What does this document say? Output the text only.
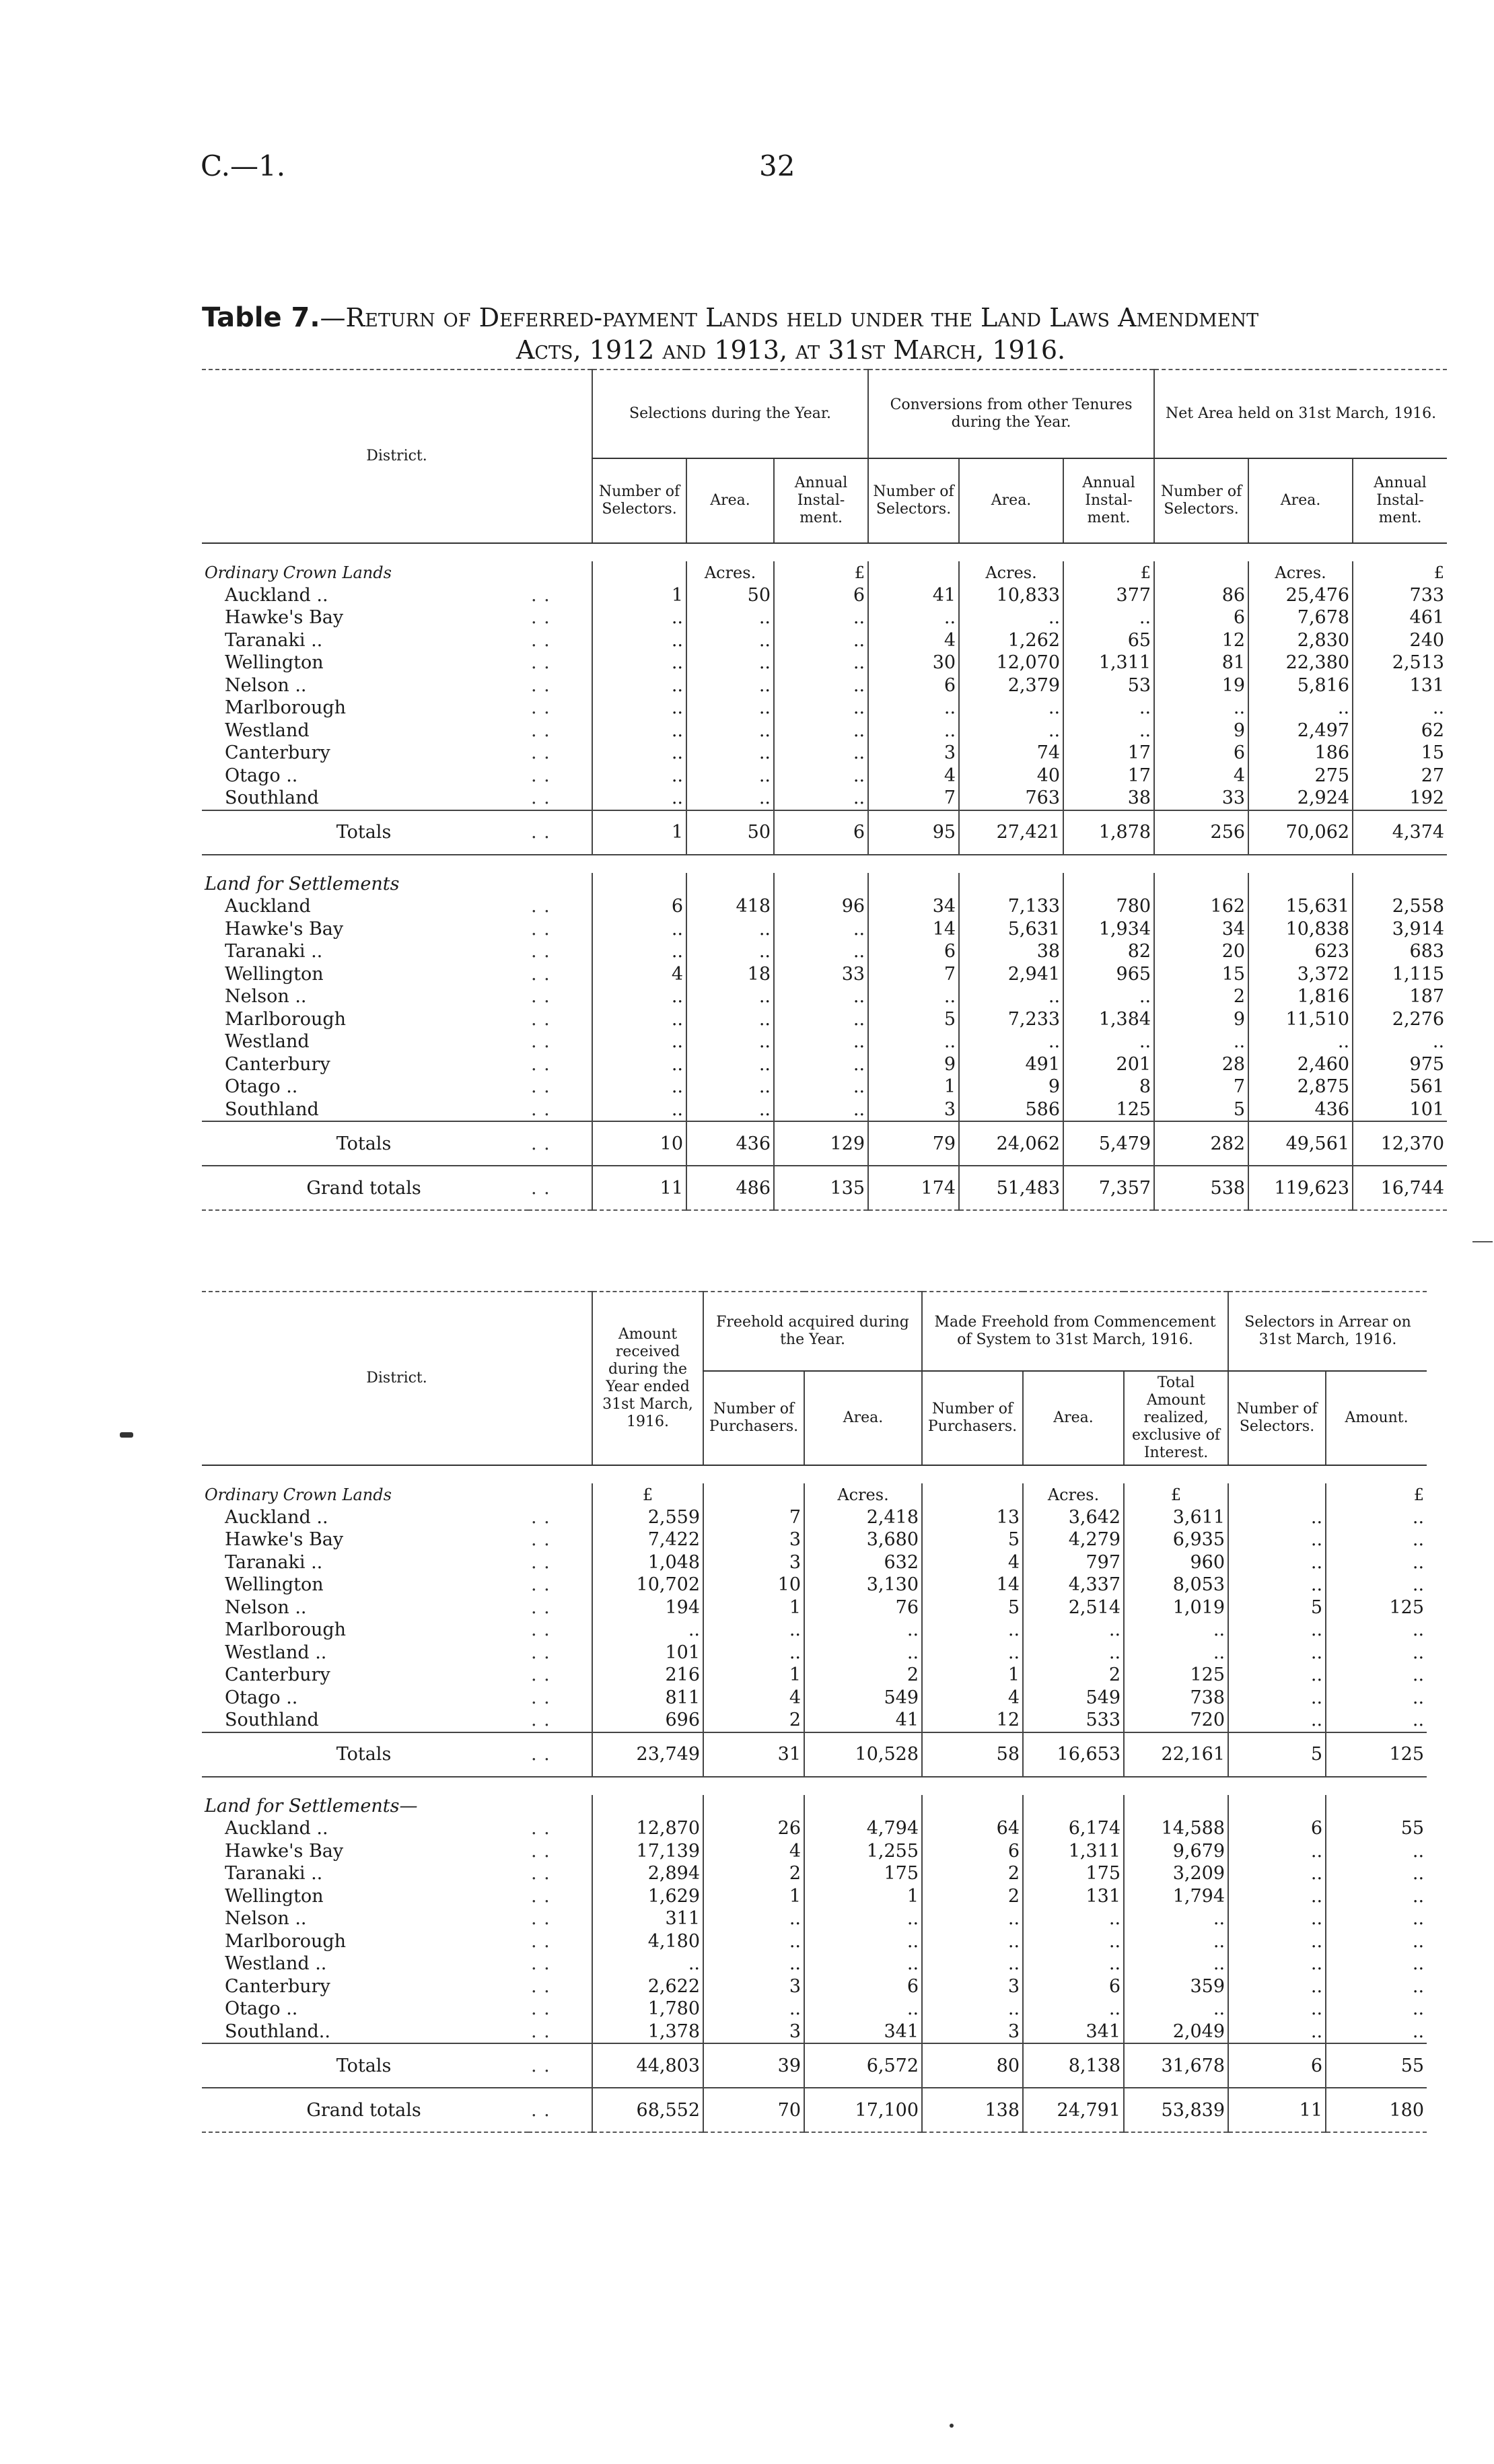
C.—1.	32
Table 7.—Return of Deferred-payment Lands held under the Land Laws Amendment
Acts, 1912 and 1913, at 31st March, 1916.
District.		Selections during the Year.			Conversions from other Tenures during the Year.			Net Area held on 31st March, 1916.		
		Number of Selectors.	Area.	Annual Instal-ment.	Number of Selectors.	Area.	Annual Instal-ment.	Number of Selectors.	Area.	Annual Instal-ment.

Ordinary Crown Lands			Acres.	£		Acres.	£		Acres.	£
Auckland ..	. .	1	50	6	41	10,833	377	86	25,476	733
Hawke's Bay	. .	..	..	..	..	..	..	6	7,678	461
Taranaki ..	. .	..	..	..	4	1,262	65	12	2,830	240
Wellington	. .	..	..	..	30	12,070	1,311	81	22,380	2,513
Nelson ..	. .	..	..	..	6	2,379	53	19	5,816	131
Marlborough	. .	..	..	..	..	..	..	..	..	..
Westland	. .	..	..	..	..	..	..	9	2,497	62
Canterbury	. .	..	..	..	3	74	17	6	186	15
Otago ..	. .	..	..	..	4	40	17	4	275	27
Southland	. .	..	..	..	7	763	38	33	2,924	192
Totals	. .	1	50	6	95	27,421	1,878	256	70,062	4,374

Land for Settlements										
Auckland	. .	6	418	96	34	7,133	780	162	15,631	2,558
Hawke's Bay	. .	..	..	..	14	5,631	1,934	34	10,838	3,914
Taranaki ..	. .	..	..	..	6	38	82	20	623	683
Wellington	. .	4	18	33	7	2,941	965	15	3,372	1,115
Nelson ..	. .	..	..	..	..	..	..	2	1,816	187
Marlborough	. .	..	..	..	5	7,233	1,384	9	11,510	2,276
Westland	. .	..	..	..	..	..	..	..	..	..
Canterbury	. .	..	..	..	9	491	201	28	2,460	975
Otago ..	. .	..	..	..	1	9	8	7	2,875	561
Southland	. .	..	..	..	3	586	125	5	436	101
Totals	. .	10	436	129	79	24,062	5,479	282	49,561	12,370
Grand totals	. .	11	486	135	174	51,483	7,357	538	119,623	16,744
District.		Amount received during the Year ended 31st March, 1916.	Freehold acquired during the Year.		Made Freehold from Commencement of System to 31st March, 1916.			Selectors in Arrear on 31st March, 1916.	
			Number of Purchasers.	Area.	Number of Purchasers.	Area.	Total Amount realized, exclusive of Interest.	Number of Selectors.	Amount.

Ordinary Crown Lands		£		Acres.		Acres.	£		£
Auckland ..	. .	2,559	7	2,418	13	3,642	3,611	..	..
Hawke's Bay	. .	7,422	3	3,680	5	4,279	6,935	..	..
Taranaki ..	. .	1,048	3	632	4	797	960	..	..
Wellington	. .	10,702	10	3,130	14	4,337	8,053	..	..
Nelson ..	. .	194	1	76	5	2,514	1,019	5	125
Marlborough	. .	..	..	..	..	..	..	..	..
Westland ..	. .	101	..	..	..	..	..	..	..
Canterbury	. .	216	1	2	1	2	125	..	..
Otago ..	. .	811	4	549	4	549	738	..	..
Southland	. .	696	2	41	12	533	720	..	..
Totals	. .	23,749	31	10,528	58	16,653	22,161	5	125

Land for Settlements—									
Auckland ..	. .	12,870	26	4,794	64	6,174	14,588	6	55
Hawke's Bay	. .	17,139	4	1,255	6	1,311	9,679	..	..
Taranaki ..	. .	2,894	2	175	2	175	3,209	..	..
Wellington	. .	1,629	1	1	2	131	1,794	..	..
Nelson ..	. .	311	..	..	..	..	..	..	..
Marlborough	. .	4,180	..	..	..	..	..	..	..
Westland ..	. .	..	..	..	..	..	..	..	..
Canterbury	. .	2,622	3	6	3	6	359	..	..
Otago ..	. .	1,780	..	..	..	..	..	..	..
Southland..	. .	1,378	3	341	3	341	2,049	..	..
Totals	. .	44,803	39	6,572	80	8,138	31,678	6	55
Grand totals	. .	68,552	70	17,100	138	24,791	53,839	11	180
